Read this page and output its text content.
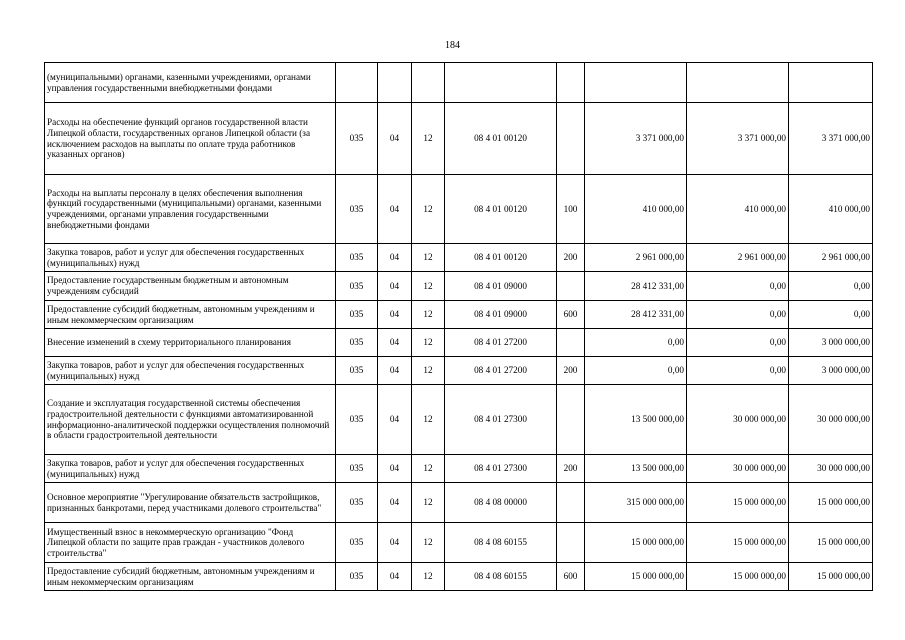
184
(муниципальными) органами, казенными учреждениями, органами управления государственными внебюджетными фондами								
Расходы на обеспечение функций органов государственной власти Липецкой области, государственных органов Липецкой области (за исключением расходов на выплаты по оплате труда работников указанных органов)	035	04	12	08 4 01 00120		3 371 000,00	3 371 000,00	3 371 000,00
Расходы на выплаты персоналу в целях обеспечения выполнения функций государственными (муниципальными) органами, казенными учреждениями, органами управления государственными внебюджетными фондами	035	04	12	08 4 01 00120	100	410 000,00	410 000,00	410 000,00
Закупка товаров, работ и услуг для обеспечения государственных (муниципальных) нужд	035	04	12	08 4 01 00120	200	2 961 000,00	2 961 000,00	2 961 000,00
Предоставление государственным бюджетным и автономным учреждениям субсидий	035	04	12	08 4 01 09000		28 412 331,00	0,00	0,00
Предоставление субсидий бюджетным, автономным учреждениям и иным некоммерческим организациям	035	04	12	08 4 01 09000	600	28 412 331,00	0,00	0,00
Внесение изменений в схему территориального планирования	035	04	12	08 4 01 27200		0,00	0,00	3 000 000,00
Закупка товаров, работ и услуг для обеспечения государственных (муниципальных) нужд	035	04	12	08 4 01 27200	200	0,00	0,00	3 000 000,00
Создание и эксплуатация государственной системы обеспечения градостроительной деятельности с функциями автоматизированной информационно-аналитической поддержки осуществления полномочий в области градостроительной деятельности	035	04	12	08 4 01 27300		13 500 000,00	30 000 000,00	30 000 000,00
Закупка товаров, работ и услуг для обеспечения государственных (муниципальных) нужд	035	04	12	08 4 01 27300	200	13 500 000,00	30 000 000,00	30 000 000,00
Основное мероприятие "Урегулирование обязательств застройщиков, признанных банкротами, перед участниками долевого строительства"	035	04	12	08 4 08 00000		315 000 000,00	15 000 000,00	15 000 000,00
Имущественный взнос в некоммерческую организацию "Фонд Липецкой области по защите прав граждан - участников долевого строительства"	035	04	12	08 4 08 60155		15 000 000,00	15 000 000,00	15 000 000,00
Предоставление субсидий бюджетным, автономным учреждениям и иным некоммерческим организациям	035	04	12	08 4 08 60155	600	15 000 000,00	15 000 000,00	15 000 000,00
